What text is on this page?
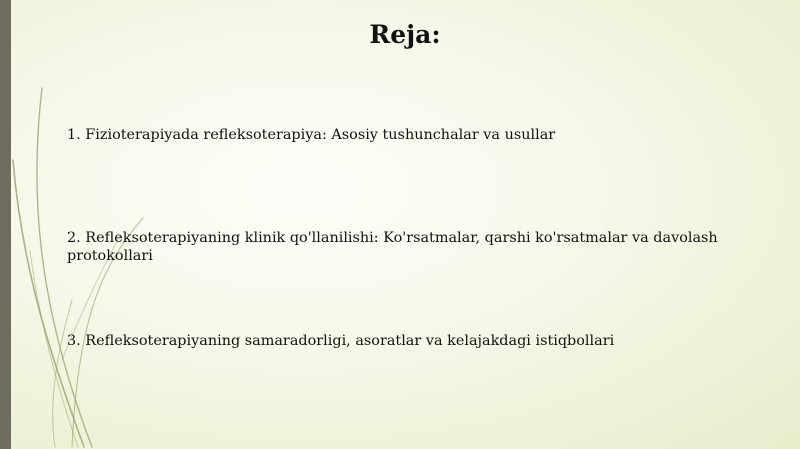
Reja:

1. Fizioterapiyada refleksoterapiya: Asosiy tushunchalar va usullar

2. Refleksoterapiyaning klinik qo'llanilishi: Ko'rsatmalar, qarshi ko'rsatmalar va davolash protokollari

3. Refleksoterapiyaning samaradorligi, asoratlar va kelajakdagi istiqbollari
